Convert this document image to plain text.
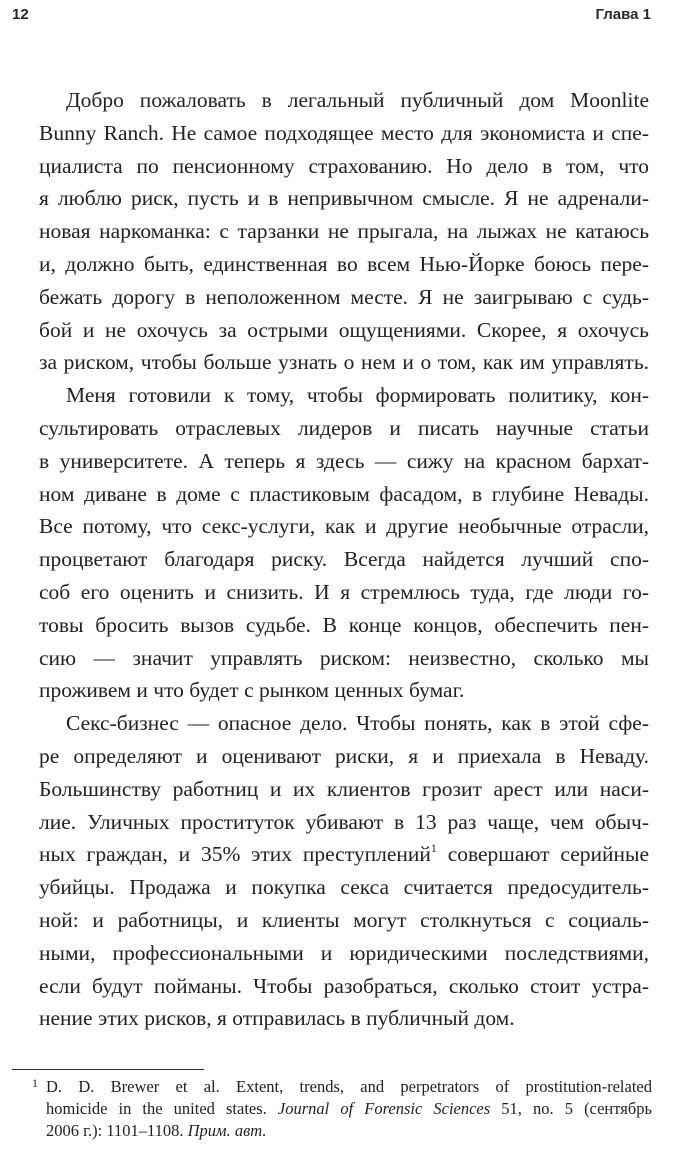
12	Глава 1
Добро пожаловать в легальный публичный дом Moonlite
Bunny Ranch. Не самое подходящее место для экономиста и спе-
циалиста по пенсионному страхованию. Но дело в том, что
я люблю риск, пусть и в непривычном смысле. Я не адренали-
новая наркоманка: с тарзанки не прыгала, на лыжах не катаюсь
и, должно быть, единственная во всем Нью-Йорке боюсь пере-
бежать дорогу в неположенном месте. Я не заигрываю с судь-
бой и не охочусь за острыми ощущениями. Скорее, я охочусь
за риском, чтобы больше узнать о нем и о том, как им управлять.
Меня готовили к тому, чтобы формировать политику, кон-
сультировать отраслевых лидеров и писать научные статьи
в университете. А теперь я здесь — сижу на красном бархат-
ном диване в доме с пластиковым фасадом, в глубине Невады.
Все потому, что секс-услуги, как и другие необычные отрасли,
процветают благодаря риску. Всегда найдется лучший спо-
соб его оценить и снизить. И я стремлюсь туда, где люди го-
товы бросить вызов судьбе. В конце концов, обеспечить пен-
сию — значит управлять риском: неизвестно, сколько мы
проживем и что будет с рынком ценных бумаг.
Секс-бизнес — опасное дело. Чтобы понять, как в этой сфе-
ре определяют и оценивают риски, я и приехала в Неваду.
Большинству работниц и их клиентов грозит арест или наси-
лие. Уличных проституток убивают в 13 раз чаще, чем обыч-
ных граждан, и 35% этих преступлений$^1$ совершают серийные
убийцы. Продажа и покупка секса считается предосудитель-
ной: и работницы, и клиенты могут столкнуться с социаль-
ными, профессиональными и юридическими последствиями,
если будут пойманы. Чтобы разобраться, сколько стоит устра-
нение этих рисков, я отправилась в публичный дом.
1 D. D. Brewer et al. Extent, trends, and perpetrators of prostitution-related
homicide in the united states. Journal of Forensic Sciences 51, no. 5 (сентябрь
2006 г.): 1101–1108. Прим. авт.
